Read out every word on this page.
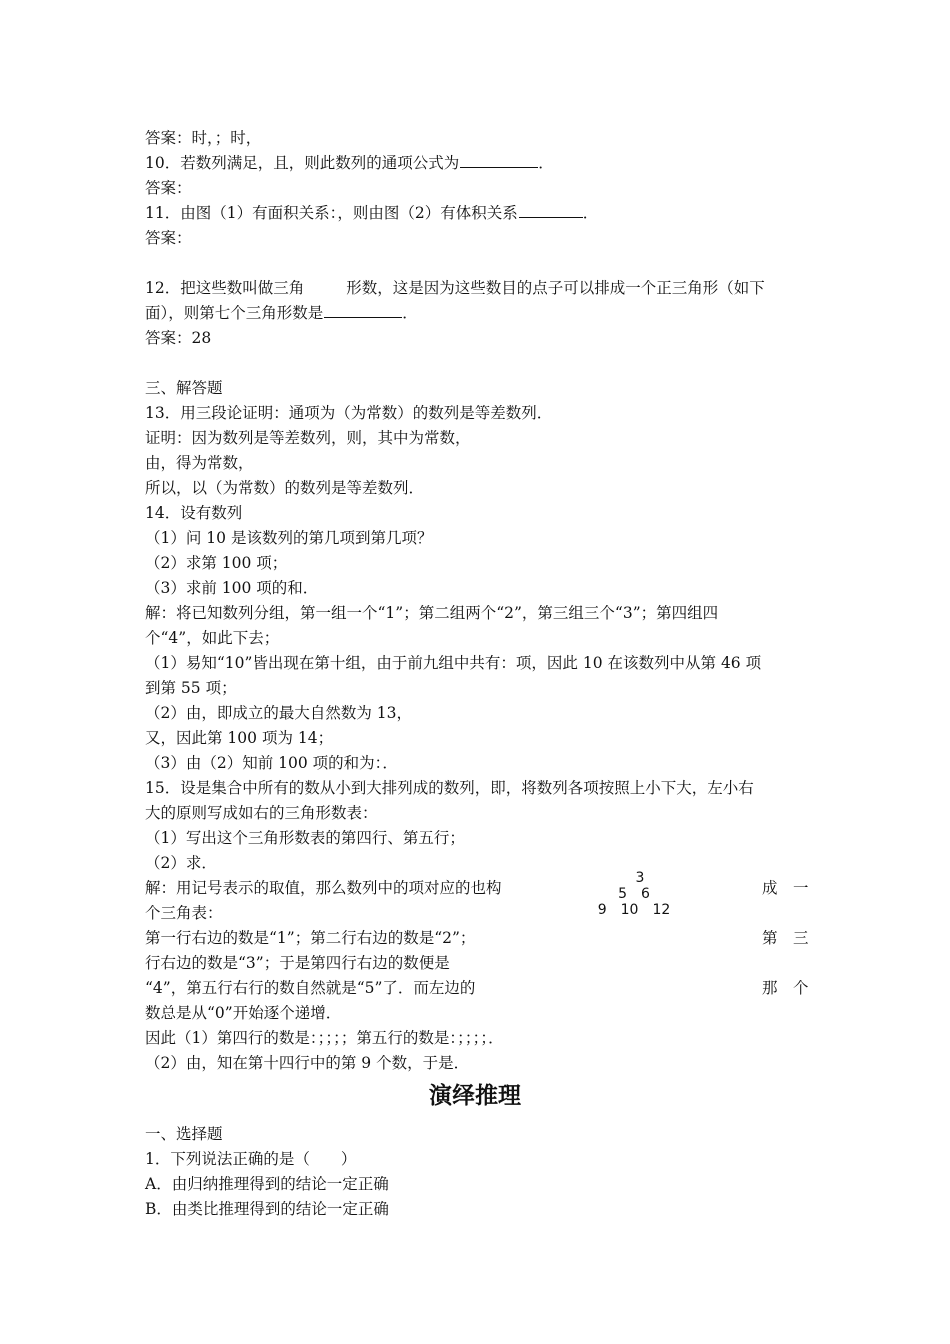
答案：时，；时，
10．若数列满足，且，则此数列的通项公式为	．
答案：
11．由图（1）有面积关系：，则由图（2）有体积关系	．
答案：
12．把这些数叫做三角	形数，这是因为这些数目的点子可以排成一个正三角形（如下
面），则第七个三角形数是	．
答案：28
三、解答题
13．用三段论证明：通项为（为常数）的数列是等差数列．
证明：因为数列是等差数列，则，其中为常数，
由，得为常数，
所以，以（为常数）的数列是等差数列．
14．设有数列
（1）问 10 是该数列的第几项到第几项？
（2）求第 100 项；
（3）求前 100 项的和．
解：将已知数列分组，第一组一个“1”；第二组两个“2”，第三组三个“3”；第四组四
个“4”，如此下去；
（1）易知“10”皆出现在第十组，由于前九组中共有：项，因此 10 在该数列中从第 46 项
到第 55 项；
（2）由，即成立的最大自然数为 13，
又，因此第 100 项为 14；
（3）由（2）知前 100 项的和为：．
15．设是集合中所有的数从小到大排列成的数列，即，将数列各项按照上小下大，左小右
大的原则写成如右的三角形数表：
（1）写出这个三角形数表的第四行、第五行；
（2）求．
解：用记号表示的取值，那么数列中的项对应的也构	成　一
个三角表：
第一行右边的数是“1”；第二行右边的数是“2”；	第　三
行右边的数是“3”；于是第四行右边的数便是
“4”，第五行右行的数自然就是“5”了．而左边的	那　个
数总是从“0”开始逐个递增．
因此（1）第四行的数是：；；；；第五行的数是：；；；；．
（2）由，知在第十四行中的第 9 个数，于是．
3
5　6
9　10　12
演绎推理
一、选择题
1．下列说法正确的是（　　）
A．由归纳推理得到的结论一定正确
B．由类比推理得到的结论一定正确
